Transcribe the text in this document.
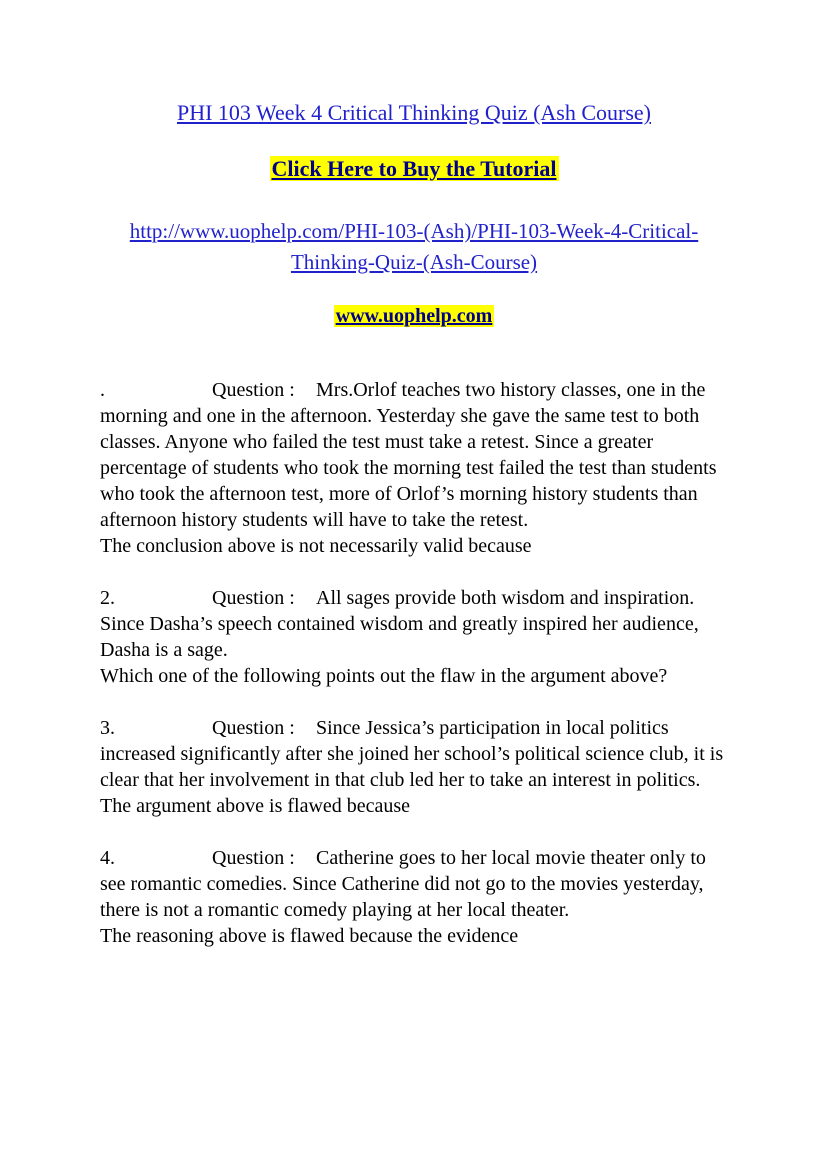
PHI 103 Week 4 Critical Thinking Quiz (Ash Course)

Click Here to Buy the Tutorial

http://www.uophelp.com/PHI-103-(Ash)/PHI-103-Week-4-Critical-Thinking-Quiz-(Ash-Course)

www.uophelp.com

.	Question : Mrs.Orlof teaches two history classes, one in the morning and one in the afternoon. Yesterday she gave the same test to both classes. Anyone who failed the test must take a retest. Since a greater percentage of students who took the morning test failed the test than students who took the afternoon test, more of Orlof’s morning history students than afternoon history students will have to take the retest.

The conclusion above is not necessarily valid because

2.	Question : All sages provide both wisdom and inspiration. Since Dasha’s speech contained wisdom and greatly inspired her audience, Dasha is a sage.

Which one of the following points out the flaw in the argument above?

3.	Question : Since Jessica’s participation in local politics increased significantly after she joined her school’s political science club, it is clear that her involvement in that club led her to take an interest in politics.

The argument above is flawed because

4.	Question : Catherine goes to her local movie theater only to see romantic comedies. Since Catherine did not go to the movies yesterday, there is not a romantic comedy playing at her local theater.

The reasoning above is flawed because the evidence
